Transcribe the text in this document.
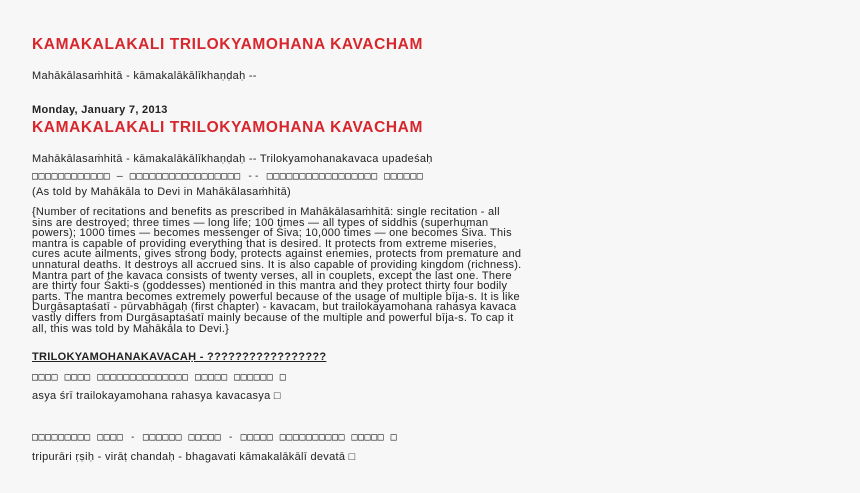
KAMAKALAKALI TRILOKYAMOHANA KAVACHAM
Mahākālasaṁhitā - kāmakalākālīkhaṇḍaḥ --
Monday, January 7, 2013
KAMAKALAKALI TRILOKYAMOHANA KAVACHAM
Mahākālasaṁhitā - kāmakalākālīkhaṇḍaḥ -- Trilokyamohanakavaca upadeśaḥ
□□□□□□□□□□□□ – □□□□□□□□□□□□□□□□□ -- □□□□□□□□□□□□□□□□□ □□□□□□
(As told by Mahākāla to Devi in Mahākālasaṁhitā)
{Number of recitations and benefits as prescribed in Mahākālasaṁhitā: single recitation - all
sins are destroyed; three times — long life; 100 times — all types of siddhis (superhuman
powers); 1000 times — becomes messenger of Śiva; 10,000 times — one becomes Śiva. This
mantra is capable of providing everything that is desired. It protects from extreme miseries,
cures acute ailments, gives strong body, protects against enemies, protects from premature and
unnatural deaths. It destroys all accrued sins. It is also capable of providing kingdom (richness).
Mantra part of the kavaca consists of twenty verses, all in couplets, except the last one. There
are thirty four Śakti-s (goddesses) mentioned in this mantra and they protect thirty four bodily
parts. The mantra becomes extremely powerful because of the usage of multiple bīja-s. It is like
Durgāsaptaśatī - pūrvabhāgaḥ (first chapter) - kavacam, but trailokayamohana rahasya kavaca
vastly differs from Durgāsaptaśatī mainly because of the multiple and powerful bīja-s. To cap it
all, this was told by Mahākāla to Devi.}
TRILOKYAMOHANAKAVACAḤ - ?????????????????
□□□□ □□□□ □□□□□□□□□□□□□□ □□□□□ □□□□□□ □
asya śrī trailokayamohana rahasya kavacasya □
□□□□□□□□□ □□□□ - □□□□□□ □□□□□ - □□□□□ □□□□□□□□□□ □□□□□ □
tripurāri ṛṣiḥ - virāṭ chandaḥ - bhagavati kāmakalākālī devatā □
